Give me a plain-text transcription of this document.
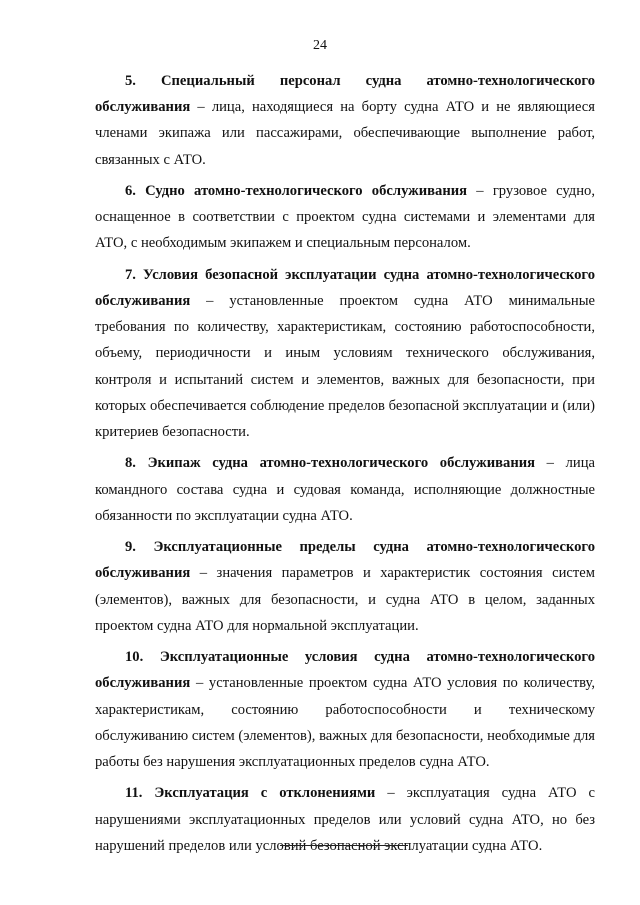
24

5. Специальный персонал судна атомно-технологического обслуживания – лица, находящиеся на борту судна АТО и не являющиеся членами экипажа или пассажирами, обеспечивающие выполнение работ, связанных с АТО.

6. Судно атомно-технологического обслуживания – грузовое судно, оснащенное в соответствии с проектом судна системами и элементами для АТО, с необходимым экипажем и специальным персоналом.

7. Условия безопасной эксплуатации судна атомно-технологического обслуживания – установленные проектом судна АТО минимальные требования по количеству, характеристикам, состоянию работоспособности, объему, периодичности и иным условиям технического обслуживания, контроля и испытаний систем и элементов, важных для безопасности, при которых обеспечивается соблюдение пределов безопасной эксплуатации и (или) критериев безопасности.

8. Экипаж судна атомно-технологического обслуживания – лица командного состава судна и судовая команда, исполняющие должностные обязанности по эксплуатации судна АТО.

9. Эксплуатационные пределы судна атомно-технологического обслуживания – значения параметров и характеристик состояния систем (элементов), важных для безопасности, и судна АТО в целом, заданных проектом судна АТО для нормальной эксплуатации.

10. Эксплуатационные условия судна атомно-технологического обслуживания – установленные проектом судна АТО условия по количеству, характеристикам, состоянию работоспособности и техническому обслуживанию систем (элементов), важных для безопасности, необходимые для работы без нарушения эксплуатационных пределов судна АТО.

11. Эксплуатация с отклонениями – эксплуатация судна АТО с нарушениями эксплуатационных пределов или условий судна АТО, но без нарушений пределов или условий безопасной эксплуатации судна АТО.
